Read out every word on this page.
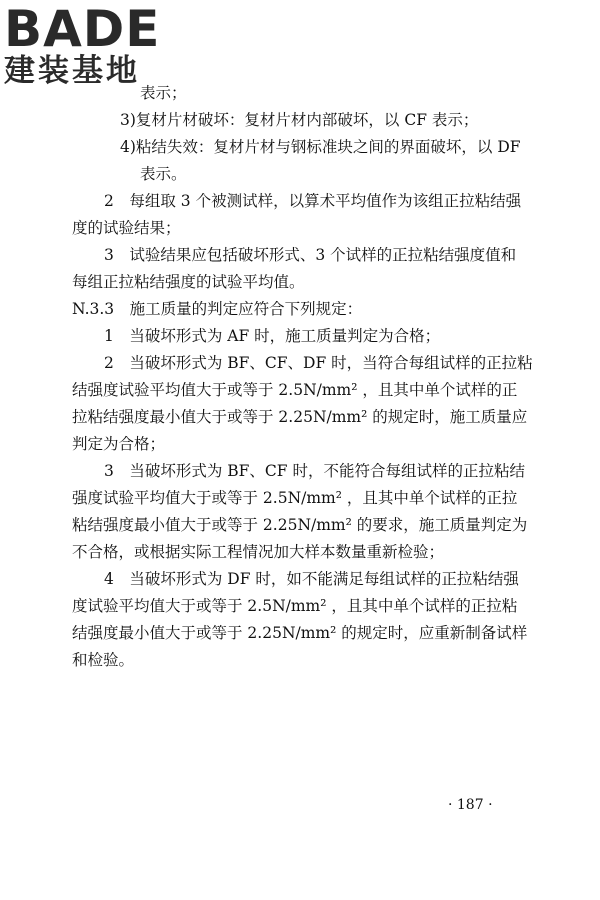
BADE
建装基地
表示；
3)复材片材破坏：复材片材内部破坏，以 CF 表示；
4)粘结失效：复材片材与钢标准块之间的界面破坏，以 DF
表示。
2　每组取 3 个被测试样，以算术平均值作为该组正拉粘结强
度的试验结果；
3　试验结果应包括破坏形式、3 个试样的正拉粘结强度值和
每组正拉粘结强度的试验平均值。
N.3.3　施工质量的判定应符合下列规定：
1　当破坏形式为 AF 时，施工质量判定为合格；
2　当破坏形式为 BF、CF、DF 时，当符合每组试样的正拉粘
结强度试验平均值大于或等于 2.5N/mm² ，且其中单个试样的正
拉粘结强度最小值大于或等于 2.25N/mm² 的规定时，施工质量应
判定为合格；
3　当破坏形式为 BF、CF 时，不能符合每组试样的正拉粘结
强度试验平均值大于或等于 2.5N/mm² ，且其中单个试样的正拉
粘结强度最小值大于或等于 2.25N/mm² 的要求，施工质量判定为
不合格，或根据实际工程情况加大样本数量重新检验；
4　当破坏形式为 DF 时，如不能满足每组试样的正拉粘结强
度试验平均值大于或等于 2.5N/mm² ，且其中单个试样的正拉粘
结强度最小值大于或等于 2.25N/mm² 的规定时，应重新制备试样
和检验。
· 187 ·
